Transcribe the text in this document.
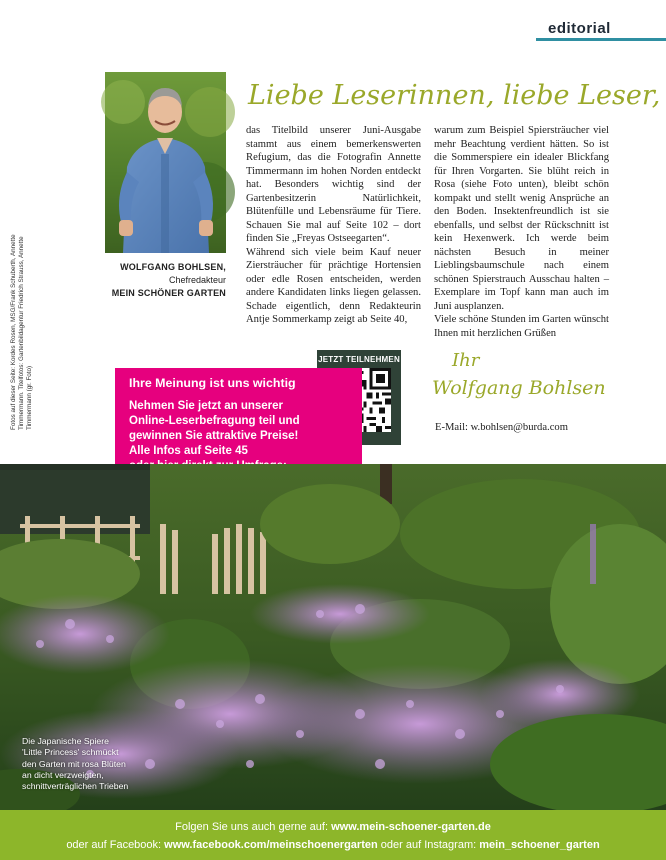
editorial
Fotos auf dieser Seite: Kordes Rosen, MSG/Frank Schuberth, Annette Timmermann. Titelfotos: Gartenbildagentur Friedrich Strauss, Annette Timmermann (gr. Foto)
WOLFGANG BOHLSEN,
Chefredakteur
MEIN SCHÖNER GARTEN
Liebe Leserinnen, liebe Leser,

das Titelbild unserer Juni-Ausgabe stammt aus einem bemerkenswerten Refugium, das die Fotografin Annette Timmermann im hohen Norden entdeckt hat. Besonders wichtig sind der Gartenbesitzerin Natürlichkeit, Blütenfülle und Lebensräume für Tiere. Schauen Sie mal auf Seite 102 – dort finden Sie „Freyas Ostseegarten“.

Während sich viele beim Kauf neuer Ziersträucher für prächtige Hortensien oder edle Rosen entscheiden, werden andere Kandidaten links liegen gelassen. Schade eigentlich, denn Redakteurin Antje Sommerkamp zeigt ab Seite 40,

warum zum Beispiel Spiersträucher viel mehr Beachtung verdient hätten. So ist die Sommerspiere ein idealer Blickfang für Ihren Vorgarten. Sie blüht reich in Rosa (siehe Foto unten), bleibt schön kompakt und stellt wenig Ansprüche an den Boden. Insektenfreundlich ist sie ebenfalls, und selbst der Rückschnitt ist kein Hexenwerk. Ich werde beim nächsten Besuch in meiner Lieblingsbaumschule nach einem schönen Spierstrauch Ausschau halten – Exemplare im Topf kann man auch im Juni ausplanzen.

Viele schöne Stunden im Garten wünscht Ihnen mit herzlichen Grüßen

JETZT TEILNEHMEN
Ihre Meinung ist uns wichtig
Nehmen Sie jetzt an unserer
Online-Leserbefragung teil und
gewinnen Sie attraktive Preise!
Alle Infos auf Seite 45
Ihr
Wolfgang Bohlsen
E-Mail: w.bohlsen@burda.com
Die Japanische Spiere
'Little Princess' schmückt
den Garten mit rosa Blüten
an dicht verzweigten,
schnittverträglichen Trieben
Folgen Sie uns auch gerne auf: www.mein-schoener-garten.de
oder auf Facebook: www.facebook.com/meinschoenergarten oder auf Instagram: mein_schoener_garten
